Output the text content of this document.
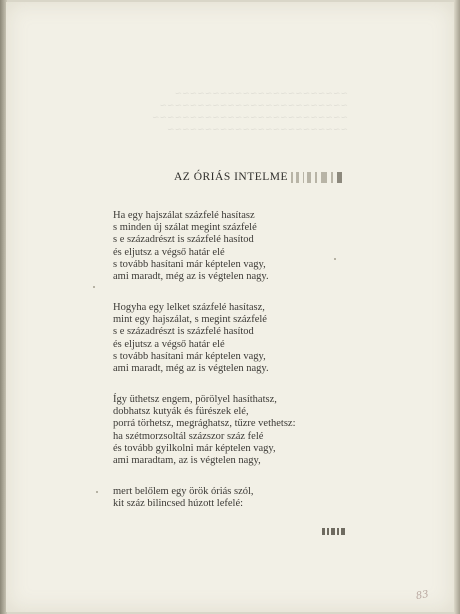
~~~~~~~~~~~~~~~~~~~~~~~
~~~~~~~~~~~~~~~~~~~~~~~~~
~~~~~~~~~~~~~~~~~~~~~~~~~~
~~~~~~~~~~~~~~~~~~~~~~~~
AZ ÓRIÁS INTELME
Ha egy hajszálat százfelé hasítasz
s minden új szálat megint százfelé
s e századrészt is százfelé hasítod
és eljutsz a végső határ elé
s tovább hasítani már képtelen vagy,
ami maradt, még az is végtelen nagy.
Hogyha egy lelket százfelé hasítasz,
mint egy hajszálat, s megint százfelé
s e századrészt is százfelé hasítod
és eljutsz a végső határ elé
s tovább hasítani már képtelen vagy,
ami maradt, még az is végtelen nagy.
Így üthetsz engem, pörölyel hasíthatsz,
dobhatsz kutyák és fürészek elé,
porrá törhetsz, megrághatsz, tűzre vethetsz:
ha szétmorzsoltál százszor száz felé
és tovább gyilkolni már képtelen vagy,
ami maradtam, az is végtelen nagy,
mert belőlem egy örök óriás szól,
kit száz bilincsed húzott lefelé:
83
